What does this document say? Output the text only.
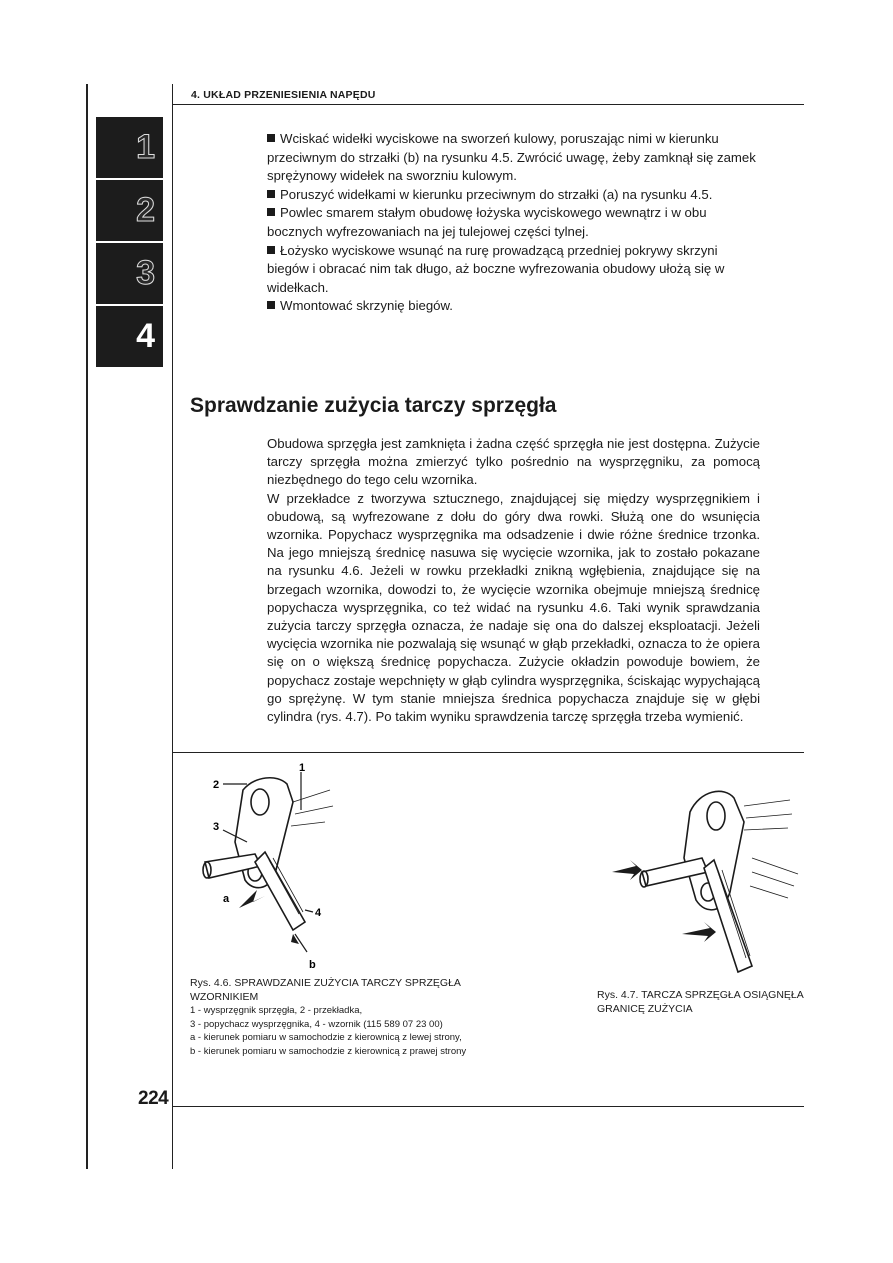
1
2
3
4
4. UKŁAD PRZENIESIENIA NAPĘDU

Wciskać widełki wyciskowe na sworzeń kulowy, poruszając nimi w kierunku przeciwnym do strzałki (b) na rysunku 4.5. Zwrócić uwagę, żeby zamknął się zamek sprężynowy widełek na sworzniu kulowym.

Poruszyć widełkami w kierunku przeciwnym do strzałki (a) na rysunku 4.5.

Powlec smarem stałym obudowę łożyska wyciskowego wewnątrz i w obu bocznych wyfrezowaniach na jej tulejowej części tylnej.

Łożysko wyciskowe wsunąć na rurę prowadzącą przedniej pokrywy skrzyni biegów i obracać nim tak długo, aż boczne wyfrezowania obudowy ułożą się w widełkach.

Wmontować skrzynię biegów.

Sprawdzanie zużycia tarczy sprzęgła

Obudowa sprzęgła jest zamknięta i żadna część sprzęgła nie jest dostępna. Zużycie tarczy sprzęgła można zmierzyć tylko pośrednio na wysprzęgniku, za pomocą niezbędnego do tego celu wzornika.

W przekładce z tworzywa sztucznego, znajdującej się między wysprzęgnikiem i obudową, są wyfrezowane z dołu do góry dwa rowki. Służą one do wsunięcia wzornika. Popychacz wysprzęgnika ma odsadzenie i dwie różne średnice trzonka. Na jego mniejszą średnicę nasuwa się wycięcie wzornika, jak to zostało pokazane na rysunku 4.6. Jeżeli w rowku przekładki znikną wgłębienia, znajdujące się na brzegach wzornika, dowodzi to, że wycięcie wzornika obejmuje mniejszą średnicę popychacza wysprzęgnika, co też widać na rysunku 4.6. Taki wynik sprawdzania zużycia tarczy sprzęgła oznacza, że nadaje się ona do dalszej eksploatacji. Jeżeli wycięcia wzornika nie pozwalają się wsunąć w głąb przekładki, oznacza to że opiera się on o większą średnicę popychacza. Zużycie okładzin powoduje bowiem, że popychacz zostaje wepchnięty w głąb cylindra wysprzęgnika, ściskając wypychającą go sprężynę. W tym stanie mniejsza średnica popychacza znajduje się w głębi cylindra (rys. 4.7). Po takim wyniku sprawdzenia tarczę sprzęgła trzeba wymienić.

1
2
3
4
a
b
Rys. 4.6. SPRAWDZANIE ZUŻYCIA TARCZY SPRZĘGŁA WZORNIKIEM
1 - wysprzęgnik sprzęgła, 2 - przekładka,
3 - popychacz wysprzęgnika, 4 - wzornik (115 589 07 23 00)
a - kierunek pomiaru w samochodzie z kierownicą z lewej strony,
b - kierunek pomiaru w samochodzie z kierownicą z prawej strony
Rys. 4.7. TARCZA SPRZĘGŁA OSIĄGNĘŁA GRANICĘ ZUŻYCIA
224
